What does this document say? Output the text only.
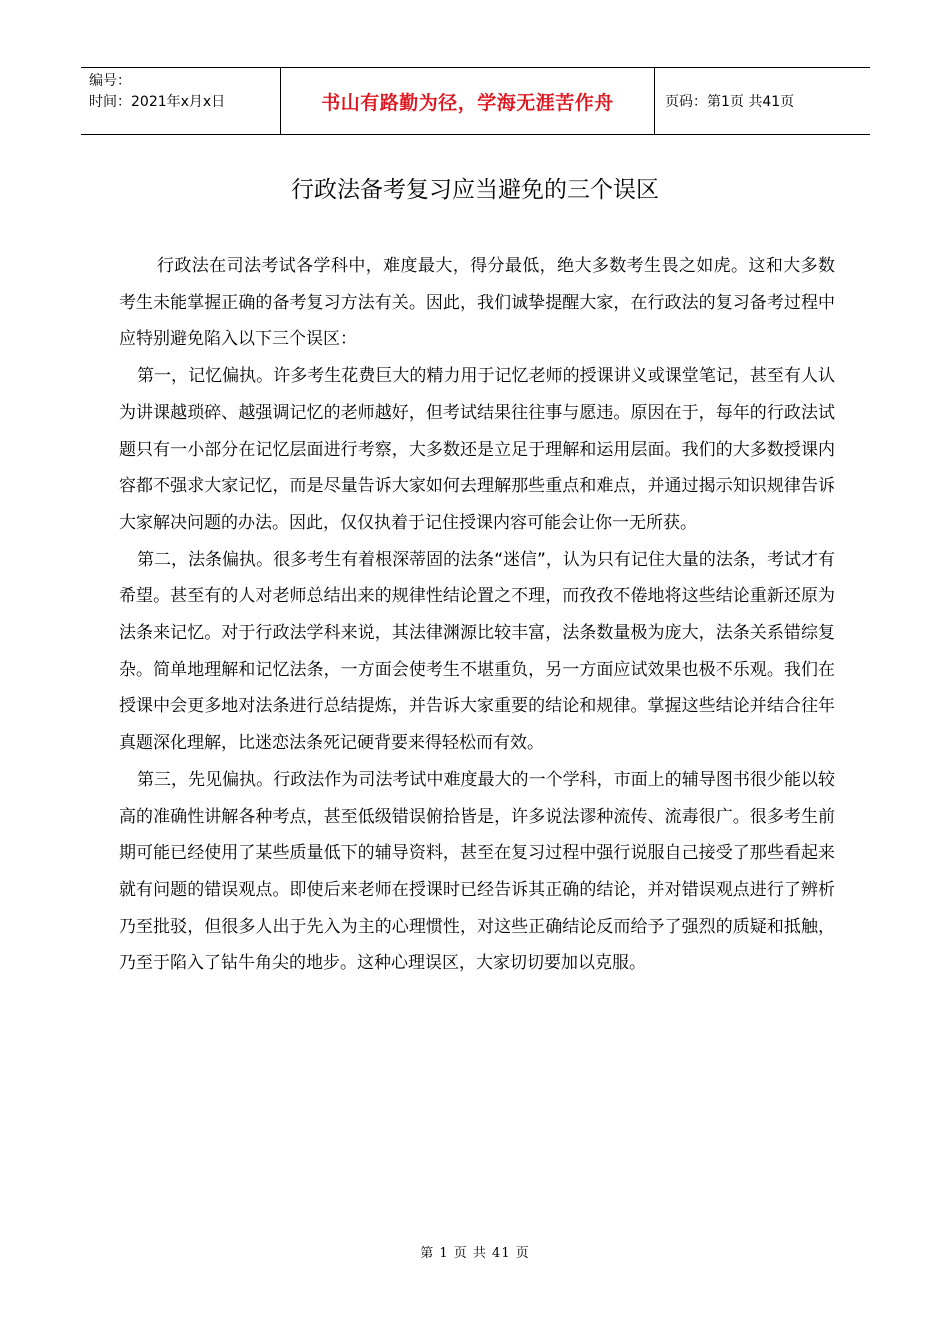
编号：
时间：2021年x月x日	书山有路勤为径，学海无涯苦作舟	页码：第1页 共41页
行政法备考复习应当避免的三个误区

行政法在司法考试各学科中，难度最大，得分最低，绝大多数考生畏之如虎。这和大多数考生未能掌握正确的备考复习方法有关。因此，我们诚挚提醒大家，在行政法的复习备考过程中应特别避免陷入以下三个误区：

第一，记忆偏执。许多考生花费巨大的精力用于记忆老师的授课讲义或课堂笔记，甚至有人认为讲课越琐碎、越强调记忆的老师越好，但考试结果往往事与愿违。原因在于，每年的行政法试题只有一小部分在记忆层面进行考察，大多数还是立足于理解和运用层面。我们的大多数授课内容都不强求大家记忆，而是尽量告诉大家如何去理解那些重点和难点，并通过揭示知识规律告诉大家解决问题的办法。因此，仅仅执着于记住授课内容可能会让你一无所获。

第二，法条偏执。很多考生有着根深蒂固的法条“迷信”，认为只有记住大量的法条，考试才有希望。甚至有的人对老师总结出来的规律性结论置之不理，而孜孜不倦地将这些结论重新还原为法条来记忆。对于行政法学科来说，其法律渊源比较丰富，法条数量极为庞大，法条关系错综复杂。简单地理解和记忆法条，一方面会使考生不堪重负，另一方面应试效果也极不乐观。我们在授课中会更多地对法条进行总结提炼，并告诉大家重要的结论和规律。掌握这些结论并结合往年真题深化理解，比迷恋法条死记硬背要来得轻松而有效。

第三，先见偏执。行政法作为司法考试中难度最大的一个学科，市面上的辅导图书很少能以较高的准确性讲解各种考点，甚至低级错误俯拾皆是，许多说法谬种流传、流毒很广。很多考生前期可能已经使用了某些质量低下的辅导资料，甚至在复习过程中强行说服自己接受了那些看起来就有问题的错误观点。即使后来老师在授课时已经告诉其正确的结论，并对错误观点进行了辨析乃至批驳，但很多人出于先入为主的心理惯性，对这些正确结论反而给予了强烈的质疑和抵触，乃至于陷入了钻牛角尖的地步。这种心理误区，大家切切要加以克服。

第 1 页 共 41 页
